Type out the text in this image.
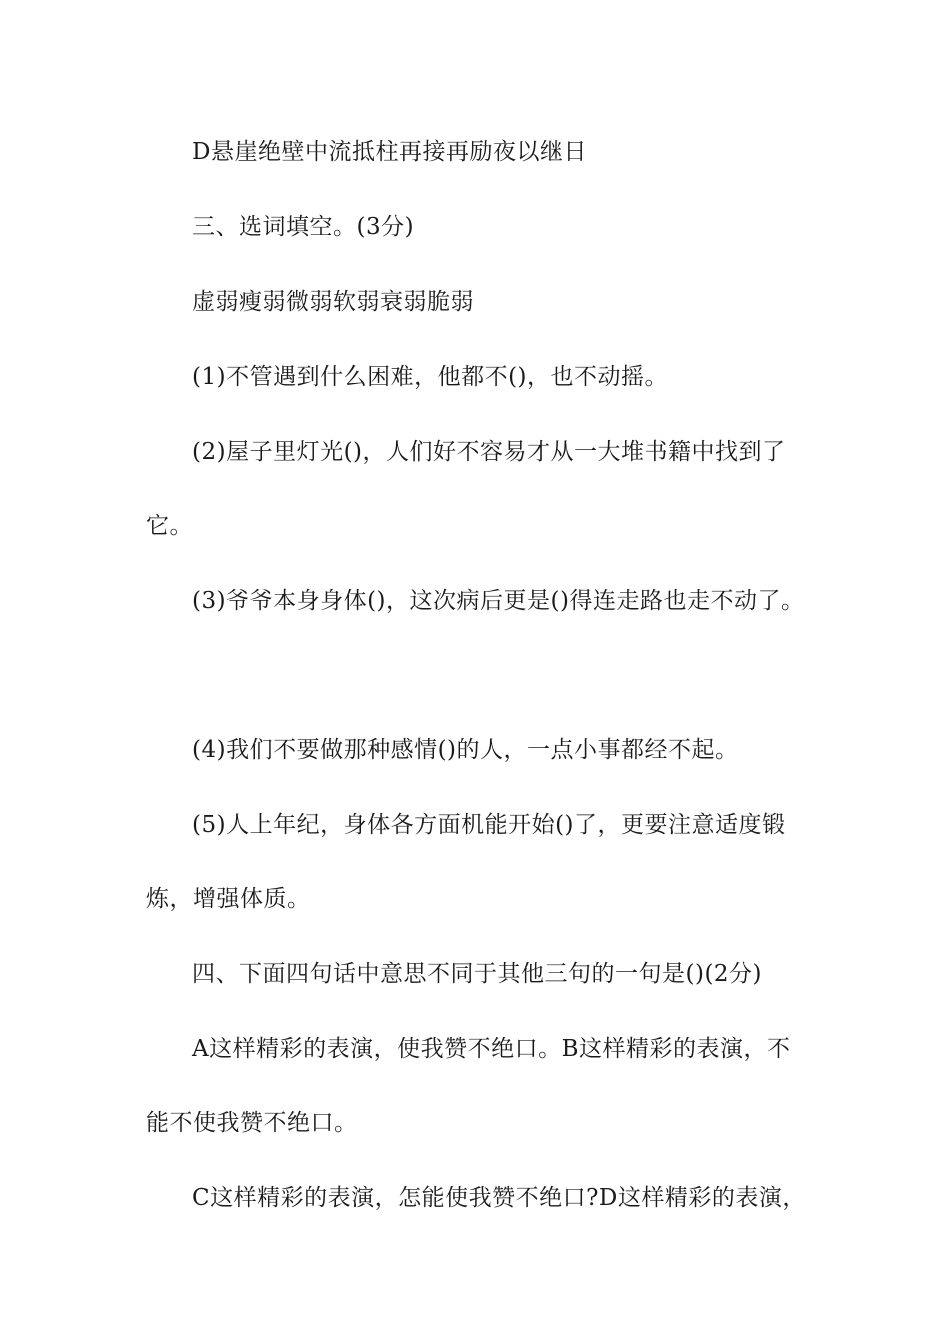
D悬崖绝壁中流抵柱再接再励夜以继日
三、选词填空。(3分)
虚弱瘦弱微弱软弱衰弱脆弱
(1)不管遇到什么困难，他都不()，也不动摇。
(2)屋子里灯光()，人们好不容易才从一大堆书籍中找到了
它。
(3)爷爷本身身体()，这次病后更是()得连走路也走不动了。
(4)我们不要做那种感情()的人，一点小事都经不起。
(5)人上年纪，身体各方面机能开始()了，更要注意适度锻
炼，增强体质。
四、下面四句话中意思不同于其他三句的一句是()(2分)
A这样精彩的表演，使我赞不绝口。B这样精彩的表演，不
能不使我赞不绝口。
C这样精彩的表演，怎能使我赞不绝口?D这样精彩的表演，
